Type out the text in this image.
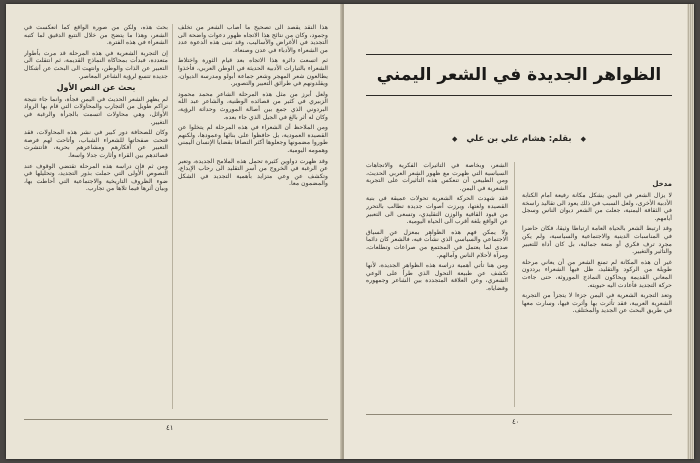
هذا النقد يقصد الى تصحيح ما أصاب الشعر من تخلف وجمود، وكان من نتائج هذا الاتجاه ظهور دعوات واضحة الى التجديد في الأغراض والأساليب، وقد تبنى هذه الدعوة عدد من الشعراء والأدباء في عدن وصنعاء.

ثم اتسعت دائرة هذا الاتجاه بعد قيام الثورة واختلاط الشعراء بالتيارات الأدبية الحديثة في الوطن العربي، فأخذوا يطالعون شعر المهجر وشعر جماعة أبولو ومدرسة الديوان، ويقلدونهم في طرائق التعبير والتصوير.

ولعل أبرز من مثل هذه المرحلة الشاعر محمد محمود الزبيري في كثير من قصائده الوطنية، والشاعر عبد الله البردوني الذي جمع بين أصالة الموروث وحداثة الرؤية، وكان له أثر بالغ في الجيل الذي جاء بعده.

ومن الملاحظ أن الشعراء في هذه المرحلة لم يتخلوا عن القصيدة العمودية، بل حافظوا على بنائها وعمودها، ولكنهم طوروا مضمونها وجعلوها أكثر التصاقا بقضايا الإنسان اليمني وهمومه اليومية.

وقد ظهرت دواوين كثيرة تحمل هذه الملامح الجديدة، وتعبر عن الرغبة في الخروج من أسر التقليد الى رحاب الإبداع، وتكشف عن وعي متزايد بأهمية التجديد في الشكل والمضمون معا.

بحث هذه، ولكن من صورة الواقع كما انعكست في الشعر، وهذا ما يتضح من خلال التتبع الدقيق لما كتبه الشعراء في هذه الفترة.

إن التجربة الشعرية في هذه المرحلة قد مرت بأطوار متعددة، فبدأت بمحاكاة النماذج القديمة، ثم انتقلت الى التعبير عن الذات والوطن، وانتهت الى البحث عن أشكال جديدة تتسع لرؤية الشاعر المعاصر.

بحث عن النص الأول

لم يظهر الشعر الحديث في اليمن فجأة، وانما جاء نتيجة تراكم طويل من التجارب والمحاولات التي قام بها الرواد الأوائل، وهي محاولات اتسمت بالجرأة والرغبة في التغيير.

وكان للصحافة دور كبير في نشر هذه المحاولات، فقد فتحت صفحاتها للشعراء الشباب، وأتاحت لهم فرصة التعبير عن أفكارهم ومشاعرهم بحرية، فانتشرت قصائدهم بين القراء وأثارت جدلا واسعا.

ومن ثم فإن دراسة هذه المرحلة تقتضي الوقوف عند النصوص الأولى التي حملت بذور التجديد، وتحليلها في ضوء الظروف التاريخية والاجتماعية التي أحاطت بها، وبيان أثرها فيما تلاها من تجارب.

٤١
الظواهر الجديدة في الشعر اليمني
◆ بقلم: هشام علي بن علي ◆

الشعر، وبخاصة في التأثيرات الفكرية والاتجاهات السياسية التي ظهرت مع ظهور الشعر العربي الحديث، ومن الطبيعي أن تنعكس هذه التأثيرات على التجربة الشعرية في اليمن.

فقد شهدت الحركة الشعرية تحولات عميقة في بنية القصيدة ولغتها، وبرزت أصوات جديدة تطالب بالتحرر من قيود القافية والوزن التقليدي، وتسعى الى التعبير عن الواقع بلغة أقرب الى الحياة اليومية.

ولا يمكن فهم هذه الظواهر بمعزل عن السياق الاجتماعي والسياسي الذي نشأت فيه، فالشعر كان دائما صدى لما يعتمل في المجتمع من صراعات وتطلعات، ومرآة لأحلام الناس وآمالهم.

ومن هنا تأتي أهمية دراسة هذه الظواهر الجديدة، لأنها تكشف عن طبيعة التحول الذي طرأ على الوعي الشعري، وعن العلاقة المتجددة بين الشاعر وجمهوره وقضاياه.

مدخل

لا يزال الشعر في اليمن يشكل مكانة رفيعة أمام الكتابة الأدبية الأخرى، ولعل السبب في ذلك يعود الى تقاليد راسخة في الثقافة اليمنية، جعلت من الشعر ديوان الناس وسجل أيامهم.

وقد ارتبط الشعر بالحياة العامة ارتباطا وثيقا، فكان حاضرا في المناسبات الدينية والاجتماعية والسياسية، ولم يكن مجرد ترف فكري أو متعة جمالية، بل كان أداة للتعبير والتأثير والتغيير.

غير أن هذه المكانة لم تمنع الشعر من أن يعاني مرحلة طويلة من الركود والتقليد، ظل فيها الشعراء يرددون المعاني القديمة ويحاكون النماذج الموروثة، حتى جاءت حركة التجديد فأعادت اليه حيويته.

وتعد التجربة الشعرية في اليمن جزءا لا يتجزأ من التجربة الشعرية العربية، فقد تأثرت بها وأثرت فيها، وسارت معها في طريق البحث عن الجديد والمختلف.

٤٠
